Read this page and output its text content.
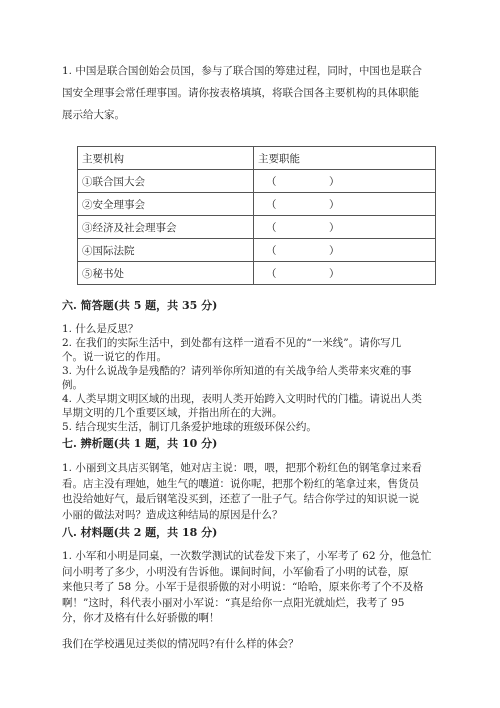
1. 中国是联合国创始会员国，参与了联合国的筹建过程，同时，中国也是联合

国安全理事会常任理事国。请你按表格填填，将联合国各主要机构的具体职能

展示给大家。

主要机构	主要职能
①联合国大会	（　　　　　）
②安全理事会	（　　　　　）
③经济及社会理事会	（　　　　　）
④国际法院	（　　　　　）
⑤秘书处	（　　　　　）
六. 简答题(共 5 题，共 35 分)

1. 什么是反思？

2. 在我们的实际生活中，到处都有这样一道看不见的“一米线”。请你写几

个。说一说它的作用。

3. 为什么说战争是残酷的？请列举你所知道的有关战争给人类带来灾难的事

例。

4. 人类早期文明区域的出现，表明人类开始跨入文明时代的门槛。请说出人类

早期文明的几个重要区域，并指出所在的大洲。

5. 结合现实生活，制订几条爱护地球的班级环保公约。

七. 辨析题(共 1 题，共 10 分)

1. 小丽到文具店买钢笔，她对店主说：喂，喂，把那个粉红色的钢笔拿过来看

看。店主没有理她，她生气的嚷道：说你呢，把那个粉红的笔拿过来，售货员

也没给她好气，最后钢笔没买到，还惹了一肚子气。结合你学过的知识说一说

小丽的做法对吗？造成这种结局的原因是什么？

八. 材料题(共 2 题，共 18 分)

1. 小军和小明是同桌，一次数学测试的试卷发下来了，小军考了 62 分，他急忙

问小明考了多少，小明没有告诉他。课间时间，小军偷看了小明的试卷，原

来他只考了 58 分。小军于是很骄傲的对小明说：“哈哈，原来你考了个不及格

啊！”这时，科代表小丽对小军说：“真是给你一点阳光就灿烂，我考了 95

分，你才及格有什么好骄傲的啊！

我们在学校遇见过类似的情况吗?有什么样的体会？
